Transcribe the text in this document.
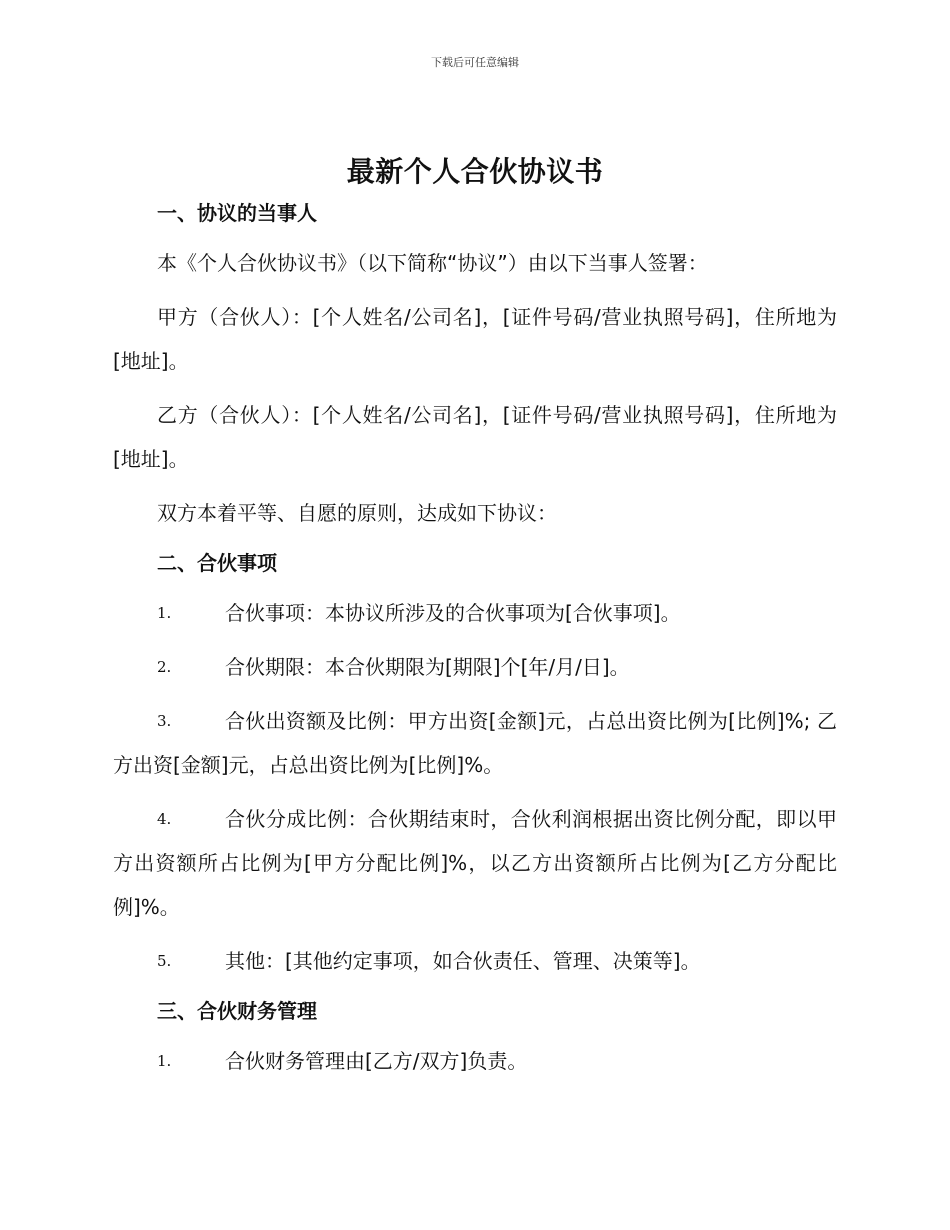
下载后可任意编辑
最新个人合伙协议书
一、协议的当事人

本《个人合伙协议书》（以下简称“协议”）由以下当事人签署：

甲方（合伙人）：[个人姓名/公司名]，[证件号码/营业执照号码]，住所地为[地址]。

乙方（合伙人）：[个人姓名/公司名]，[证件号码/营业执照号码]，住所地为[地址]。

双方本着平等、自愿的原则，达成如下协议：

二、合伙事项
1.	合伙事项：本协议所涉及的合伙事项为[合伙事项]。
2.	合伙期限：本合伙期限为[期限]个[年/月/日]。
3.	合伙出资额及比例：甲方出资[金额]元，占总出资比例为[比例]%; 乙方出资[金额]元，占总出资比例为[比例]%。
4.	合伙分成比例：合伙期结束时，合伙利润根据出资比例分配，即以甲方出资额所占比例为[甲方分配比例]%，以乙方出资额所占比例为[乙方分配比例]%。
5.	其他：[其他约定事项，如合伙责任、管理、决策等]。
三、合伙财务管理
1.	合伙财务管理由[乙方/双方]负责。
